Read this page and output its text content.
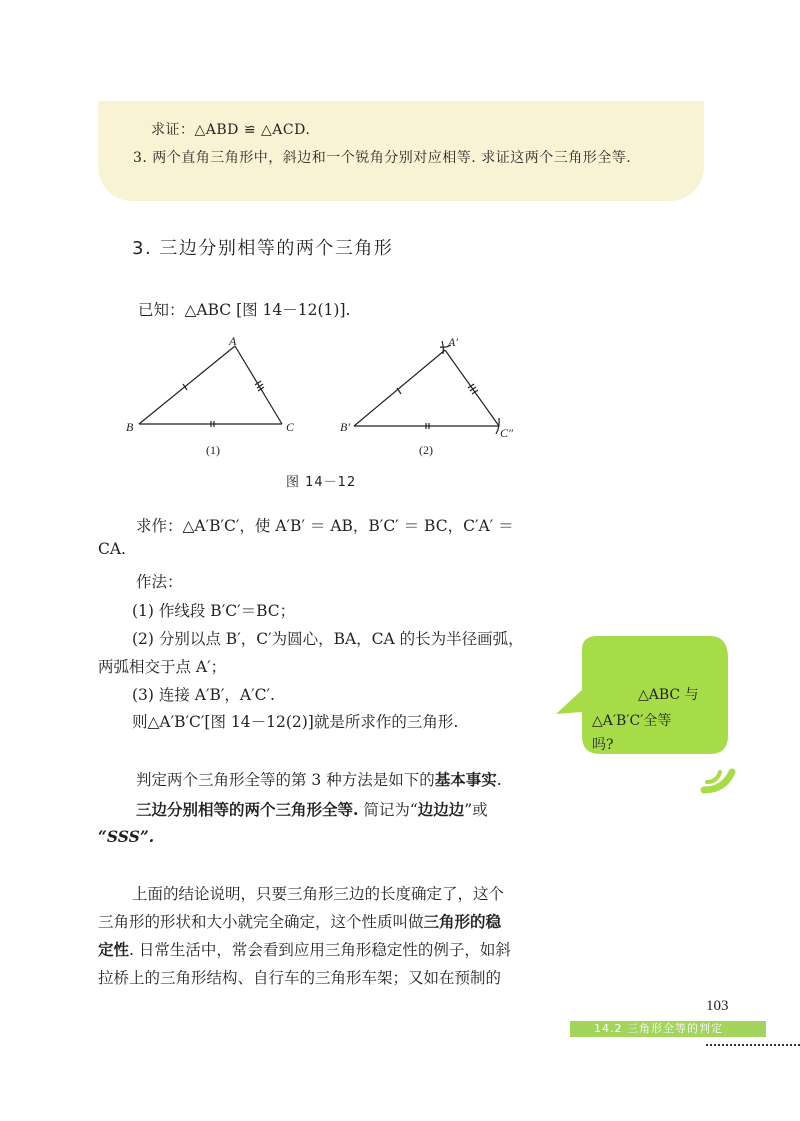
求证：△ABD ≌ △ACD.
3. 两个直角三角形中，斜边和一个锐角分别对应相等. 求证这两个三角形全等.
3. 三边分别相等的两个三角形
已知：△ABC [图 14－12(1)].
A
B	C
A′
B′	C″
(1)	(2)
图 14－12
求作：△A′B′C′，使 A′B′ ＝ AB，B′C′ ＝ BC，C′A′ ＝
CA.
作法：
(1) 作线段 B′C′＝BC；
(2) 分别以点 B′，C′为圆心，BA，CA 的长为半径画弧，
两弧相交于点 A′；
(3) 连接 A′B′，A′C′.
则△A′B′C′[图 14－12(2)]就是所求作的三角形.
判定两个三角形全等的第 3 种方法是如下的基本事实.
三边分别相等的两个三角形全等. 简记为“边边边”或
“SSS”.
上面的结论说明，只要三角形三边的长度确定了，这个
三角形的形状和大小就完全确定，这个性质叫做三角形的稳
定性. 日常生活中，常会看到应用三角形稳定性的例子，如斜
拉桥上的三角形结构、自行车的三角形车架；又如在预制的
△ABC 与
△A′B′C′全等
吗?
103
14.2 三角形全等的判定
